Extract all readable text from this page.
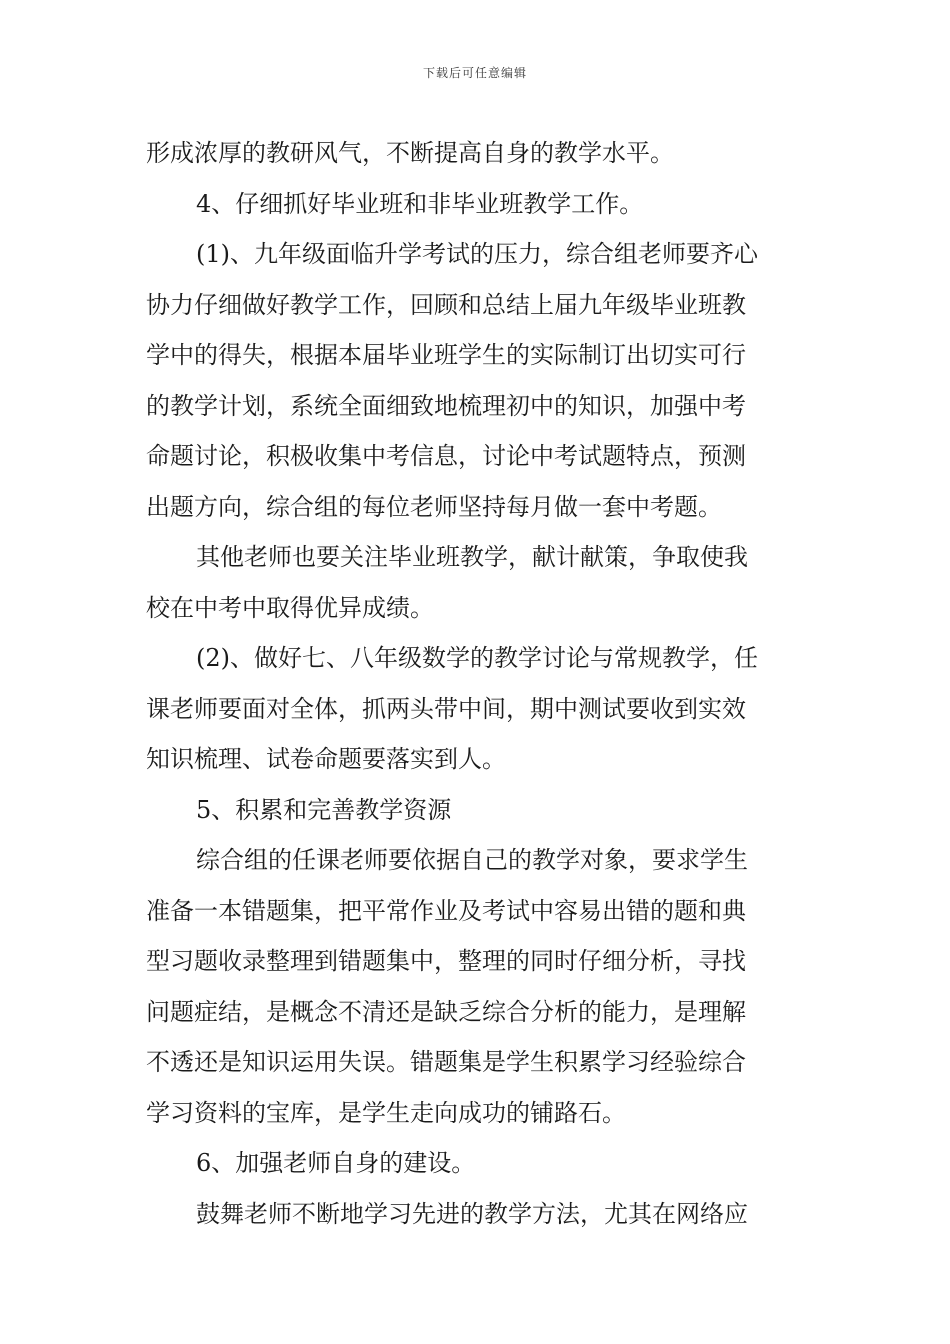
下载后可任意编辑
形成浓厚的教研风气，不断提高自身的教学水平。
4、仔细抓好毕业班和非毕业班教学工作。
(1)、九年级面临升学考试的压力，综合组老师要齐心
协力仔细做好教学工作，回顾和总结上届九年级毕业班教
学中的得失，根据本届毕业班学生的实际制订出切实可行
的教学计划，系统全面细致地梳理初中的知识，加强中考
命题讨论，积极收集中考信息，讨论中考试题特点，预测
出题方向，综合组的每位老师坚持每月做一套中考题。
其他老师也要关注毕业班教学，献计献策，争取使我
校在中考中取得优异成绩。
(2)、做好七、八年级数学的教学讨论与常规教学，任
课老师要面对全体，抓两头带中间，期中测试要收到实效
知识梳理、试卷命题要落实到人。
5、积累和完善教学资源
综合组的任课老师要依据自己的教学对象，要求学生
准备一本错题集，把平常作业及考试中容易出错的题和典
型习题收录整理到错题集中，整理的同时仔细分析，寻找
问题症结，是概念不清还是缺乏综合分析的能力，是理解
不透还是知识运用失误。错题集是学生积累学习经验综合
学习资料的宝库，是学生走向成功的铺路石。
6、加强老师自身的建设。
鼓舞老师不断地学习先进的教学方法，尤其在网络应
